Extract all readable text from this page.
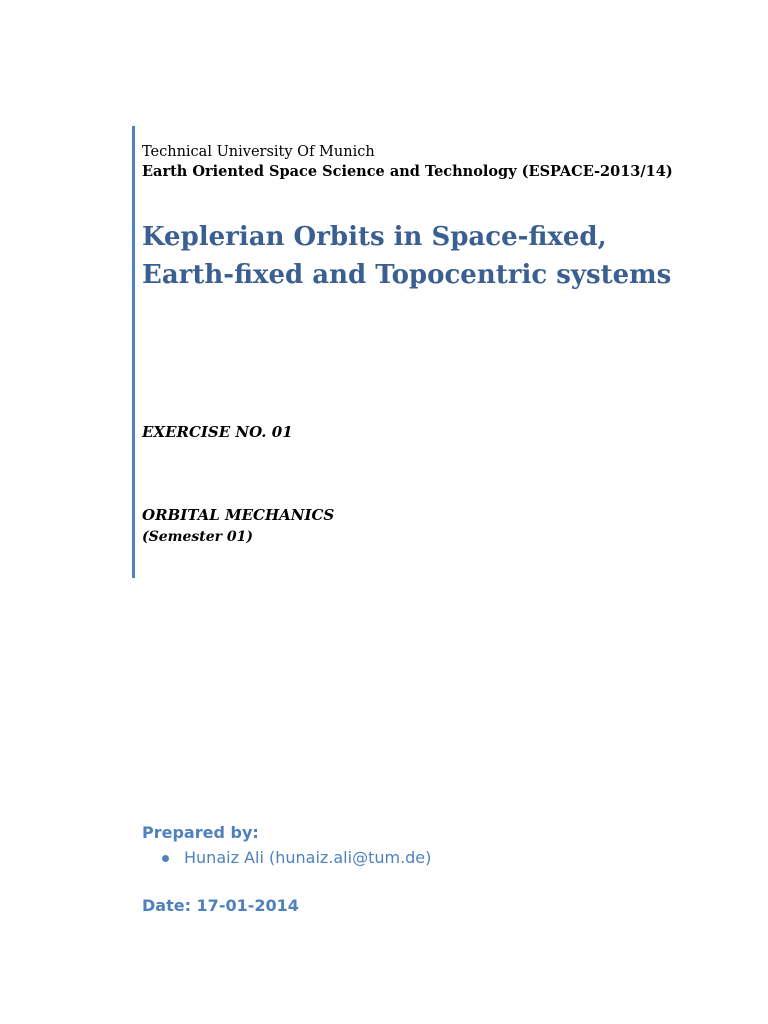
Technical University Of Munich
Earth Oriented Space Science and Technology (ESPACE-2013/14)
Keplerian Orbits in Space-fixed,
Earth-fixed and Topocentric systems
EXERCISE NO. 01
ORBITAL MECHANICS
(Semester 01)
Prepared by:
Hunaiz Ali (hunaiz.ali@tum.de)
Date: 17-01-2014
